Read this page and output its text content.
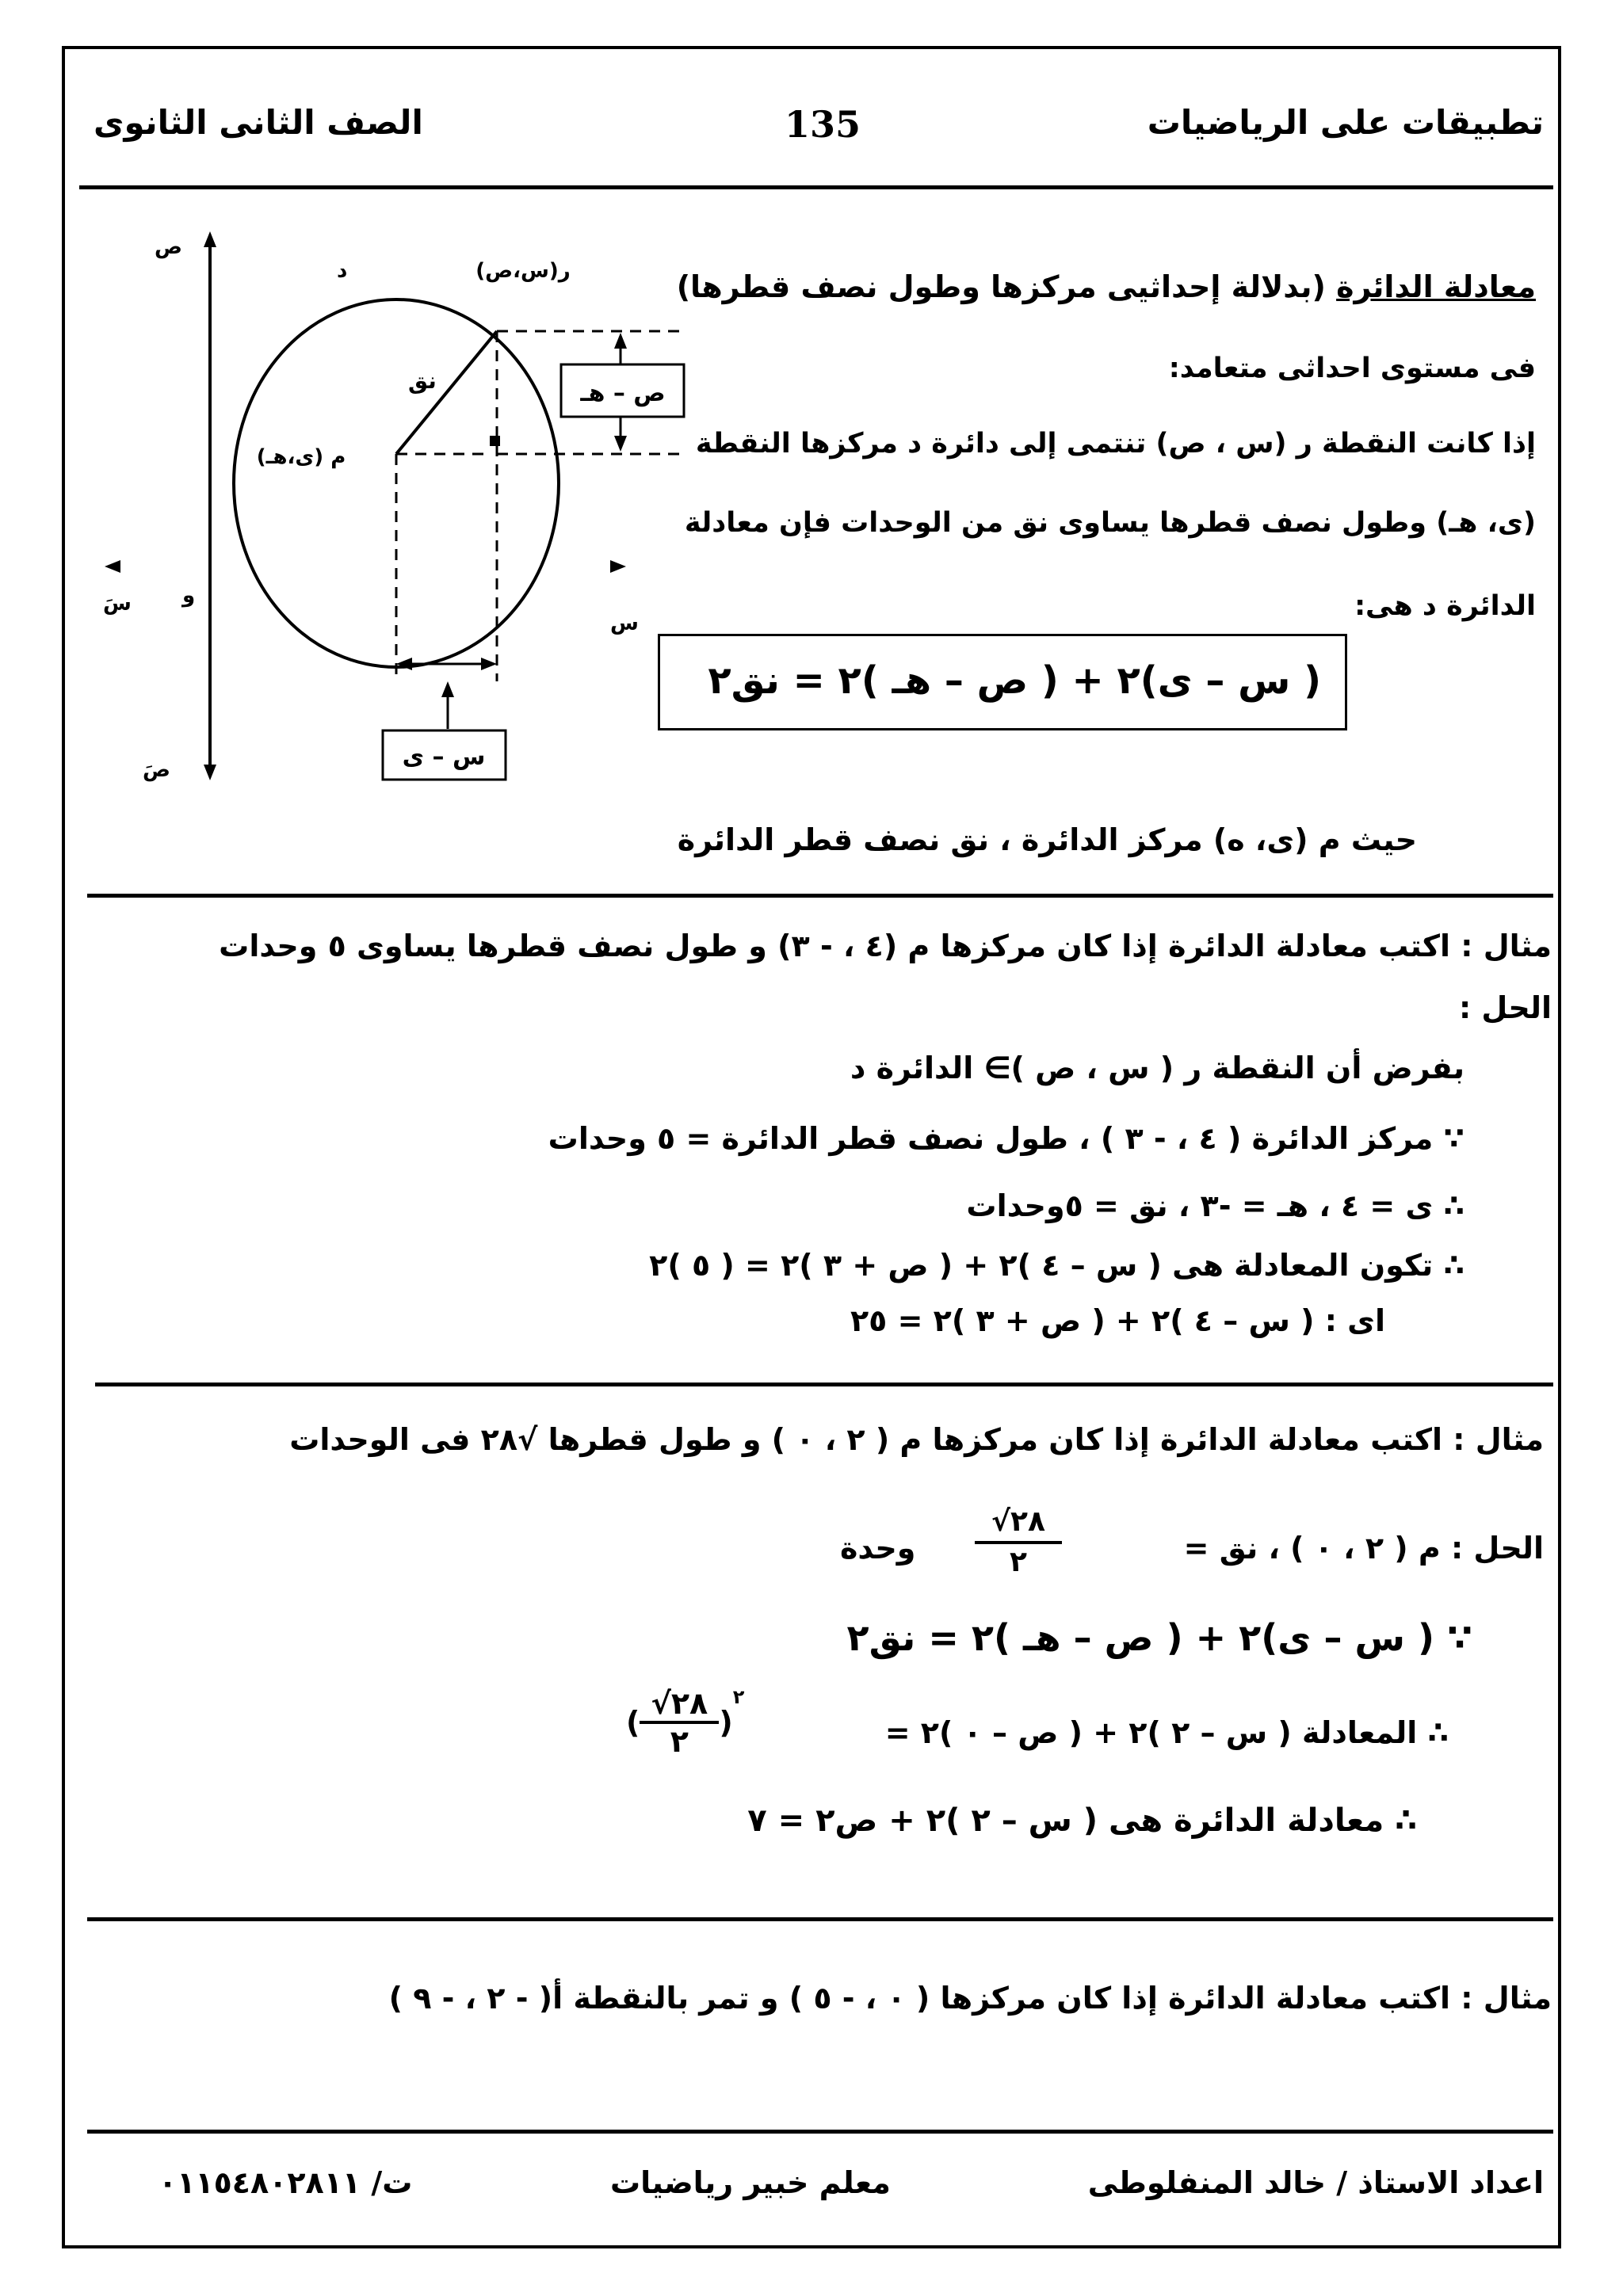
تطبيقات على الرياضيات
135
الصف الثانى الثانوى
معادلة الدائرة (بدلالة إحداثيى مركزها وطول نصف قطرها)
فى مستوى احداثى متعامد:
إذا كانت النقطة ر (س ، ص) تنتمى إلى دائرة د مركزها النقطة
(ى، هـ) وطول نصف قطرها يساوى نق من الوحدات فإن معادلة
الدائرة د هى:
( س – ى)٢ + ( ص – هـ )٢ = نق٢
ص – هـ
س – ى
ص
صَ
سَ
س
و
د	ر(س،ص)
م (ى،هـ)
نق
حيث م (ى، ه) مركز الدائرة ، نق نصف قطر الدائرة
مثال : اكتب معادلة الدائرة إذا كان مركزها م (٤ ، - ٣) و طول نصف قطرها يساوى ٥ وحدات
الحل :
بفرض أن النقطة ر ( س ، ص )∋ الدائرة د
∵ مركز الدائرة ( ٤ ، - ٣ ) ، طول نصف قطر الدائرة = ٥ وحدات
∴ ى = ٤ ، هـ = -٣ ، نق = ٥وحدات
∴ تكون المعادلة هى ( س – ٤ )٢ + ( ص + ٣ )٢ = ( ٥ )٢
اى : ( س – ٤ )٢ + ( ص + ٣ )٢ = ٢٥
مثال : اكتب معادلة الدائرة إذا كان مركزها م ( ٢ ، ٠ ) و طول قطرها √٢٨ فى الوحدات
الحل : م ( ٢ ، ٠ ) ، نق =
√٢٨
٢
وحدة
∵ ( س – ى)٢ + ( ص – هـ )٢ = نق٢
∴ المعادلة ( س – ٢ )٢ + ( ص – ٠ )٢ =
(
√٢٨
٢
)
٢
∴ معادلة الدائرة هى ( س – ٢ )٢ + ص٢ = ٧
مثال : اكتب معادلة الدائرة إذا كان مركزها ( ٠ ، - ٥ ) و تمر بالنقطة أ( - ٢ ، - ٩ )
اعداد الاستاذ / خالد المنفلوطى
معلم خبير رياضيات
ت/ ٠١١٥٤٨٠٢٨١١
